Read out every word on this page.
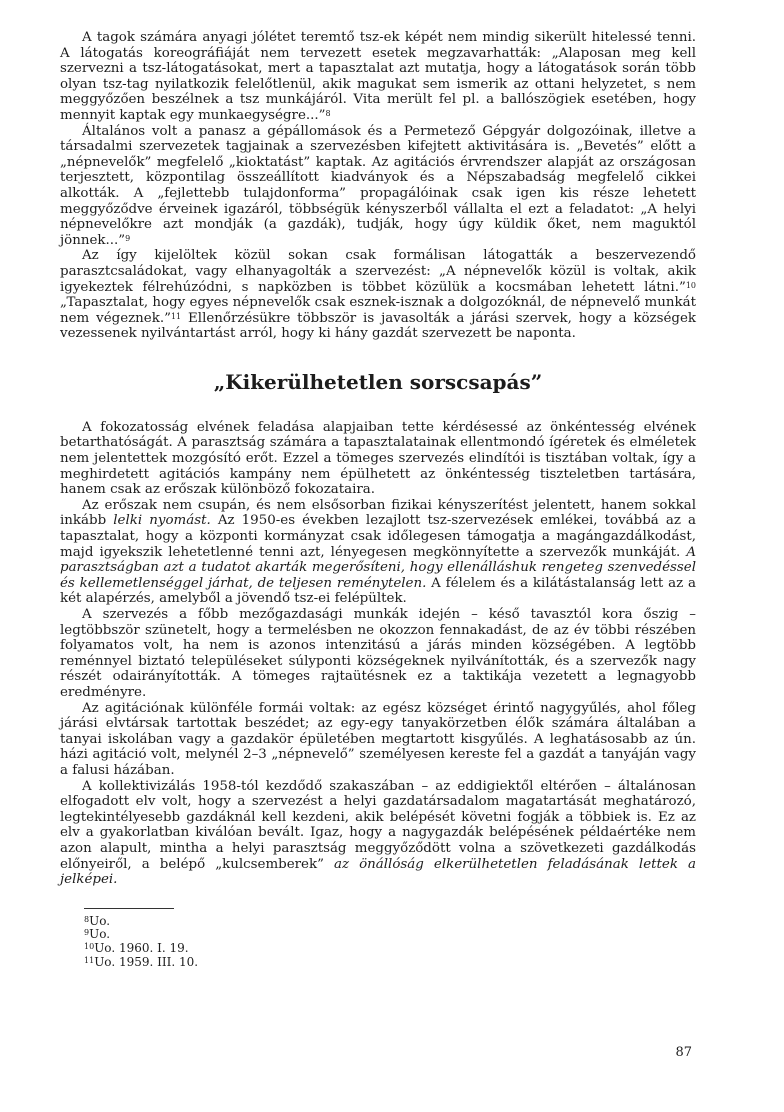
A tagok számára anyagi jólétet teremtő tsz-ek képét nem mindig sikerült hitelessé tenni. A látogatás koreográfiáját nem tervezett esetek megzavarhatták: „Alaposan meg kell szervezni a tsz-látogatásokat, mert a tapasztalat azt mutatja, hogy a látogatások során több olyan tsz-tag nyilatkozik felelőtlenül, akik magukat sem ismerik az ottani helyzetet, s nem meggyőzően beszélnek a tsz munkájáról. Vita merült fel pl. a ballószögiek esetében, hogy mennyit kaptak egy munkaegységre...”$^8$

Általános volt a panasz a gépállomások és a Permetező Gépgyár dolgozóinak, illetve a társadalmi szervezetek tagjainak a szervezésben kifejtett aktivitására is. „Bevetés” előtt a „népnevelők” megfelelő „kioktatást” kaptak. Az agitációs érvrendszer alapját az országosan terjesztett, központilag összeállított kiadványok és a Népszabadság megfelelő cikkei alkották. A „fejlettebb tulajdonforma” propagálóinak csak igen kis része lehetett meggyőződve érveinek igazáról, többségük kényszerből vállalta el ezt a feladatot: „A helyi népnevelőkre azt mondják (a gazdák), tudják, hogy úgy küldik őket, nem maguktól jönnek...”$^9$

Az így kijelöltek közül sokan csak formálisan látogatták a beszervezendő parasztcsaládokat, vagy elhanyagolták a szervezést: „A népnevelők közül is voltak, akik igyekeztek félrehúzódni, s napközben is többet közülük a kocsmában lehetett látni.”$^{10}$ „Tapasztalat, hogy egyes népnevelők csak esznek-isznak a dolgozóknál, de népnevelő munkát nem végeznek.”$^{11}$ Ellenőrzésükre többször is javasolták a járási szervek, hogy a községek vezessenek nyilvántartást arról, hogy ki hány gazdát szervezett be naponta.

„Kikerülhetetlen sorscsapás”

A fokozatosság elvének feladása alapjaiban tette kérdésessé az önkéntesség elvének betarthatóságát. A parasztság számára a tapasztalatainak ellentmondó ígéretek és elméletek nem jelentettek mozgósító erőt. Ezzel a tömeges szervezés elindítói is tisztában voltak, így a meghirdetett agitációs kampány nem épülhetett az önkéntesség tiszteletben tartására, hanem csak az erőszak különböző fokozataira.

Az erőszak nem csupán, és nem elsősorban fizikai kényszerítést jelentett, hanem sokkal inkább lelki nyomást. Az 1950-es években lezajlott tsz-szervezések emlékei, továbbá az a tapasztalat, hogy a központi kormányzat csak időlegesen támogatja a magángazdálkodást, majd igyekszik lehetetlenné tenni azt, lényegesen megkönnyítette a szervezők munkáját. A parasztságban azt a tudatot akarták megerősíteni, hogy ellenálláshuk rengeteg szenvedéssel és kellemetlenséggel járhat, de teljesen reménytelen. A félelem és a kilátástalanság lett az a két alapérzés, amelyből a jövendő tsz-ei felépültek.

A szervezés a főbb mezőgazdasági munkák idején – késő tavasztól kora őszig – legtöbbször szünetelt, hogy a termelésben ne okozzon fennakadást, de az év többi részében folyamatos volt, ha nem is azonos intenzitású a járás minden községében. A legtöbb reménnyel biztató településeket súlyponti községeknek nyilvánították, és a szervezők nagy részét odairányították. A tömeges rajtaütésnek ez a taktikája vezetett a legnagyobb eredményre.

Az agitációnak különféle formái voltak: az egész községet érintő nagygyűlés, ahol főleg járási elvtársak tartottak beszédet; az egy-egy tanyakörzetben élők számára általában a tanyai iskolában vagy a gazdakör épületében megtartott kisgyűlés. A leghatásosabb az ún. házi agitáció volt, melynél 2–3 „népnevelő” személyesen kereste fel a gazdát a tanyáján vagy a falusi házában.

A kollektivizálás 1958-tól kezdődő szakaszában – az eddigiektől eltérően – általánosan elfogadott elv volt, hogy a szervezést a helyi gazdatársadalom magatartását meghatározó, legtekintélyesebb gazdáknál kell kezdeni, akik belépését követni fogják a többiek is. Ez az elv a gyakorlatban kiválóan bevált. Igaz, hogy a nagygazdák belépésének példaértéke nem azon alapult, mintha a helyi parasztság meggyőződött volna a szövetkezeti gazdálkodás előnyeiről, a belépő „kulcsemberek” az önállóság elkerülhetetlen feladásának lettek a jelképei.

$^8$Uo.
$^9$Uo.
$^{10}$Uo. 1960. I. 19.
$^{11}$Uo. 1959. III. 10.
87
